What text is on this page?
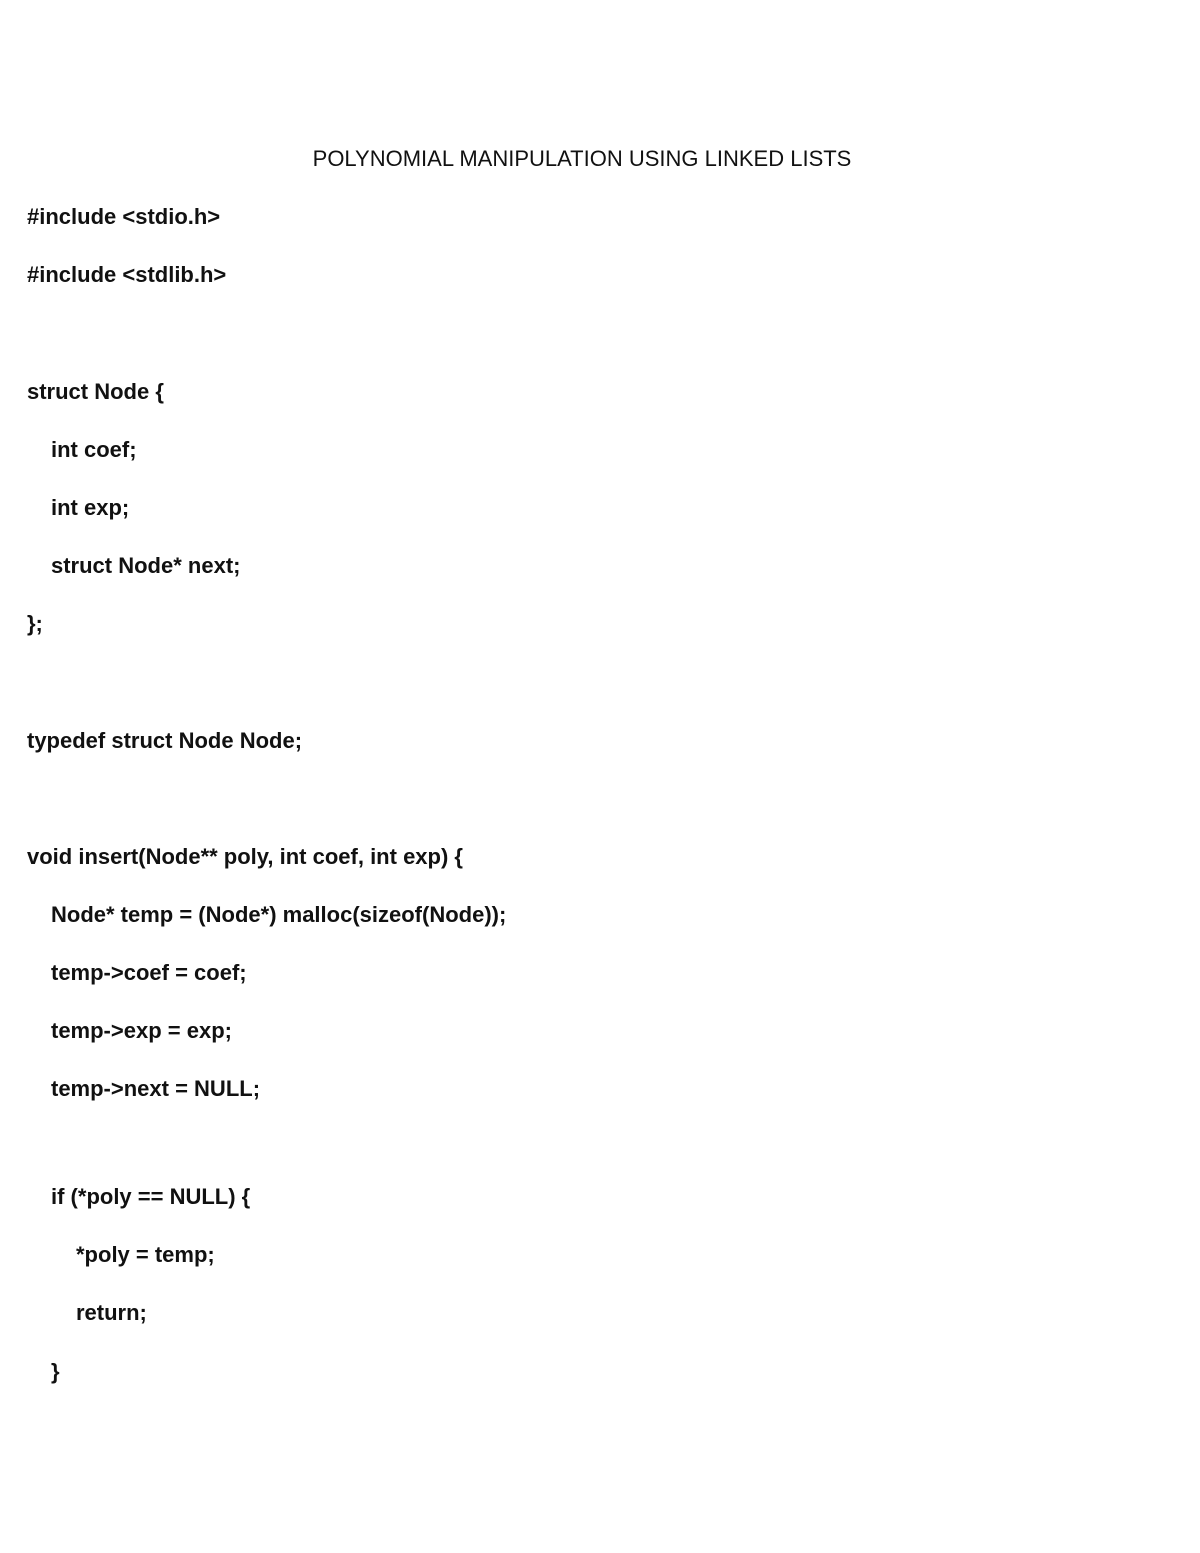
POLYNOMIAL MANIPULATION USING LINKED LISTS
#include <stdio.h>
#include <stdlib.h>
struct Node {
int coef;
int exp;
struct Node* next;
};
typedef struct Node Node;
void insert(Node** poly, int coef, int exp) {
Node* temp = (Node*) malloc(sizeof(Node));
temp->coef = coef;
temp->exp = exp;
temp->next = NULL;
if (*poly == NULL) {
*poly = temp;
return;
}
